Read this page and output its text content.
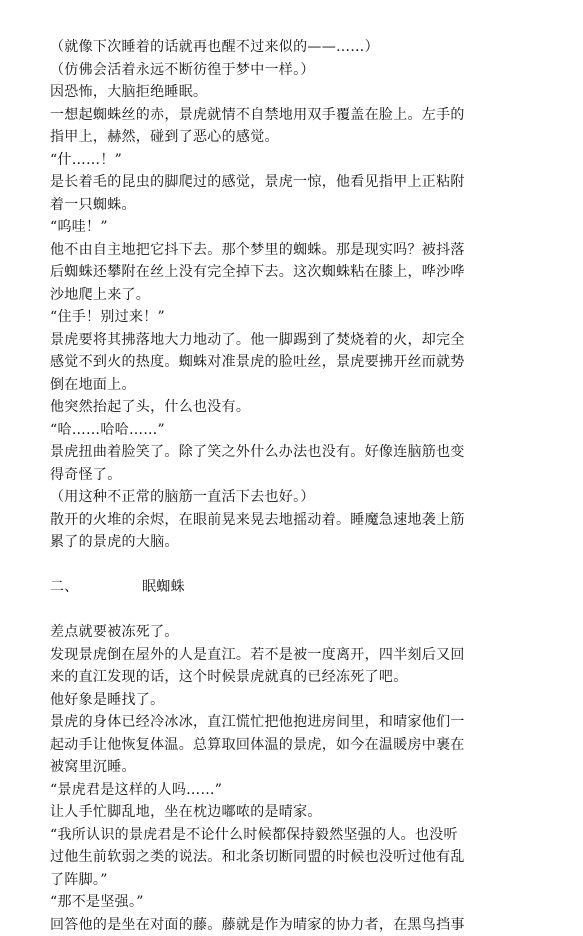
（就像下次睡着的话就再也醒不过来似的——……）
（仿佛会活着永远不断彷徨于梦中一样。）
因恐怖，大脑拒绝睡眠。
一想起蜘蛛丝的赤，景虎就情不自禁地用双手覆盖在脸上。左手的
指甲上，赫然，碰到了恶心的感觉。
“什……！”
是长着毛的昆虫的脚爬过的感觉，景虎一惊，他看见指甲上正粘附
着一只蜘蛛。
“呜哇！”
他不由自主地把它抖下去。那个梦里的蜘蛛。那是现实吗？被抖落
后蜘蛛还攀附在丝上没有完全掉下去。这次蜘蛛粘在膝上，哗沙哗
沙地爬上来了。
“住手！别过来！”
景虎要将其拂落地大力地动了。他一脚踢到了焚烧着的火，却完全
感觉不到火的热度。蜘蛛对准景虎的脸吐丝，景虎要拂开丝而就势
倒在地面上。
他突然抬起了头，什么也没有。
“哈……哈哈……”
景虎扭曲着脸笑了。除了笑之外什么办法也没有。好像连脑筋也变
得奇怪了。
（用这种不正常的脑筋一直活下去也好。）
散开的火堆的余烬，在眼前晃来晃去地摇动着。睡魔急速地袭上筋
累了的景虎的大脑。
二、	眠蜘蛛
差点就要被冻死了。
发现景虎倒在屋外的人是直江。若不是被一度离开，四半刻后又回
来的直江发现的话，这个时候景虎就真的已经冻死了吧。
他好象是睡找了。
景虎的身体已经冷冰冰，直江慌忙把他抱进房间里，和晴家他们一
起动手让他恢复体温。总算取回体温的景虎，如今在温暖房中裹在
被窝里沉睡。
“景虎君是这样的人吗……”
让人手忙脚乱地，坐在枕边嘟哝的是晴家。
“我所认识的景虎君是不论什么时候都保持毅然坚强的人。也没听
过他生前软弱之类的说法。和北条切断同盟的时候也没听过他有乱
了阵脚。”
“那不是坚强。”
回答他的是坐在对面的藤。藤就是作为晴家的协力者，在黑鸟挡事
